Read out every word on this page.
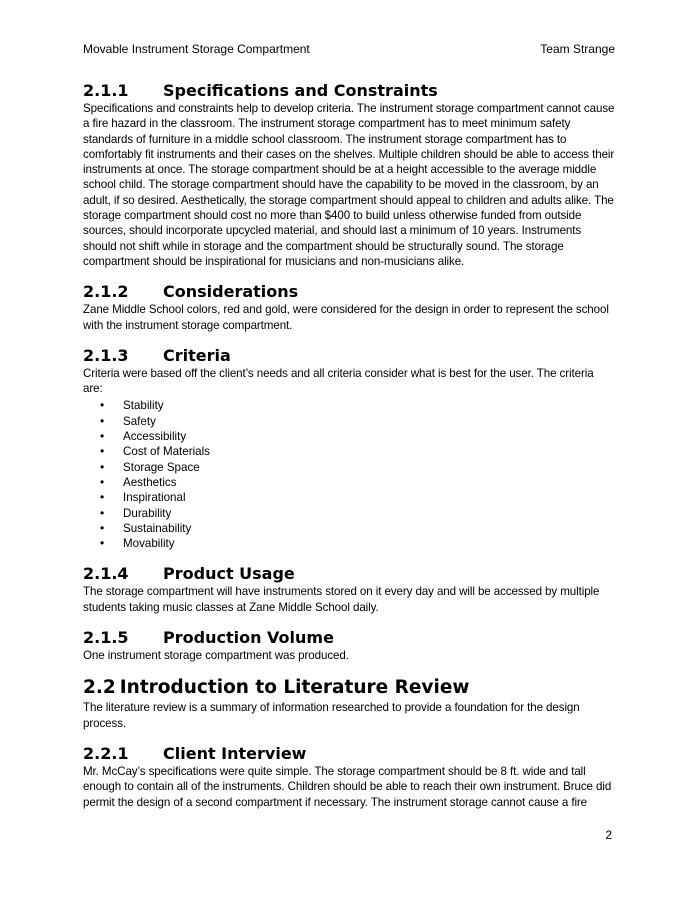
Movable Instrument Storage Compartment	Team Strange
2.1.1 Specifications and Constraints

Specifications and constraints help to develop criteria. The instrument storage compartment cannot cause a fire hazard in the classroom. The instrument storage compartment has to meet minimum safety standards of furniture in a middle school classroom. The instrument storage compartment has to comfortably fit instruments and their cases on the shelves. Multiple children should be able to access their instruments at once. The storage compartment should be at a height accessible to the average middle school child. The storage compartment should have the capability to be moved in the classroom, by an adult, if so desired. Aesthetically, the storage compartment should appeal to children and adults alike. The storage compartment should cost no more than $400 to build unless otherwise funded from outside sources, should incorporate upcycled material, and should last a minimum of 10 years. Instruments should not shift while in storage and the compartment should be structurally sound. The storage compartment should be inspirational for musicians and non-musicians alike.

2.1.2 Considerations

Zane Middle School colors, red and gold, were considered for the design in order to represent the school with the instrument storage compartment.

2.1.3 Criteria

Criteria were based off the client’s needs and all criteria consider what is best for the user. The criteria are:

• Stability
• Safety
• Accessibility
• Cost of Materials
• Storage Space
• Aesthetics
• Inspirational
• Durability
• Sustainability
• Movability
2.1.4 Product Usage

The storage compartment will have instruments stored on it every day and will be accessed by multiple students taking music classes at Zane Middle School daily.

2.1.5 Production Volume

One instrument storage compartment was produced.

2.2 Introduction to Literature Review

The literature review is a summary of information researched to provide a foundation for the design process.

2.2.1 Client Interview

Mr. McCay’s specifications were quite simple. The storage compartment should be 8 ft. wide and tall enough to contain all of the instruments. Children should be able to reach their own instrument. Bruce did permit the design of a second compartment if necessary. The instrument storage cannot cause a fire

2
